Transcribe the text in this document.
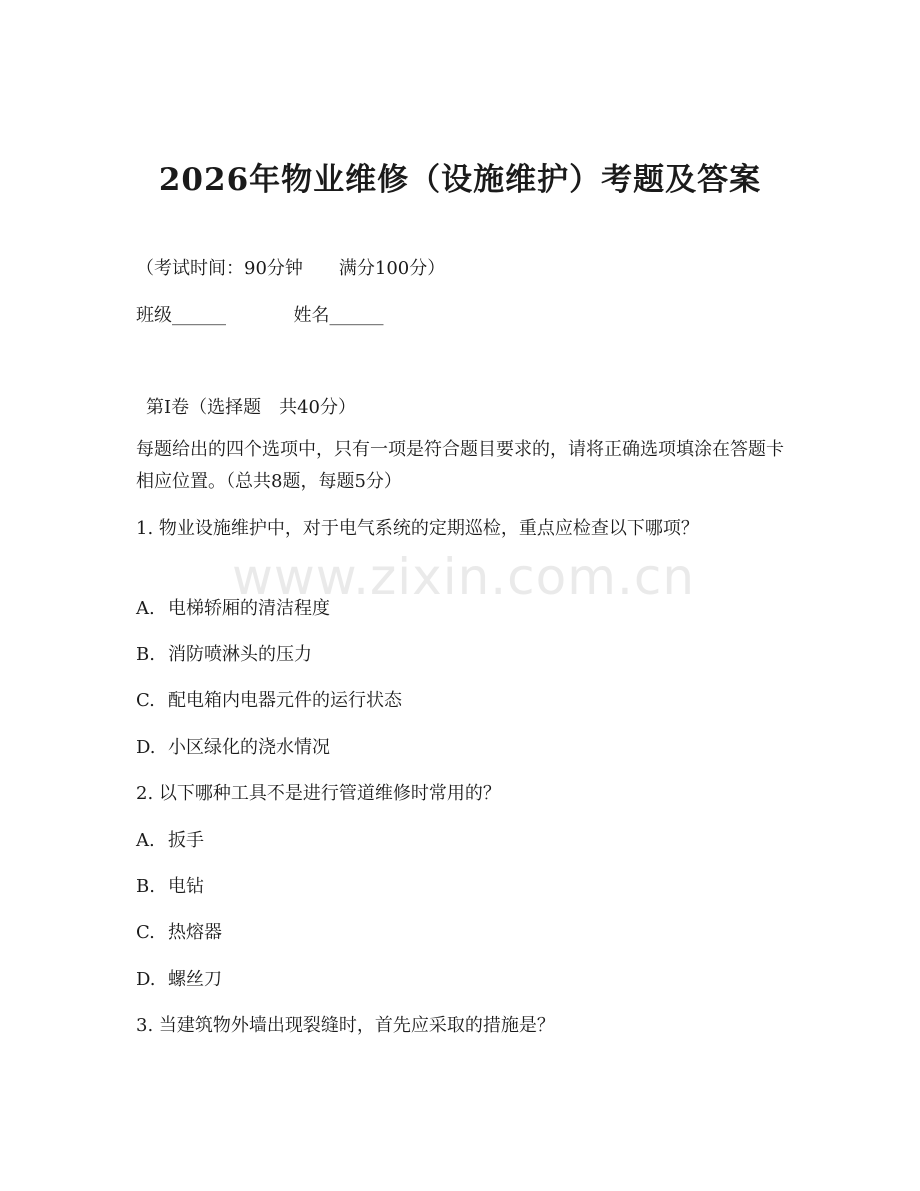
2026年物业维修（设施维护）考题及答案
（考试时间：90分钟　　满分100分）
班级______	姓名______
第Ⅰ卷（选择题　共40分）
每题给出的四个选项中，只有一项是符合题目要求的，请将正确选项填涂在答题卡相应位置。（总共8题，每题5分）
www.zixin.com.cn
1. 物业设施维护中，对于电气系统的定期巡检，重点应检查以下哪项？
A. 电梯轿厢的清洁程度
B. 消防喷淋头的压力
C. 配电箱内电器元件的运行状态
D. 小区绿化的浇水情况
2. 以下哪种工具不是进行管道维修时常用的？
A. 扳手
B. 电钻
C. 热熔器
D. 螺丝刀
3. 当建筑物外墙出现裂缝时，首先应采取的措施是？
